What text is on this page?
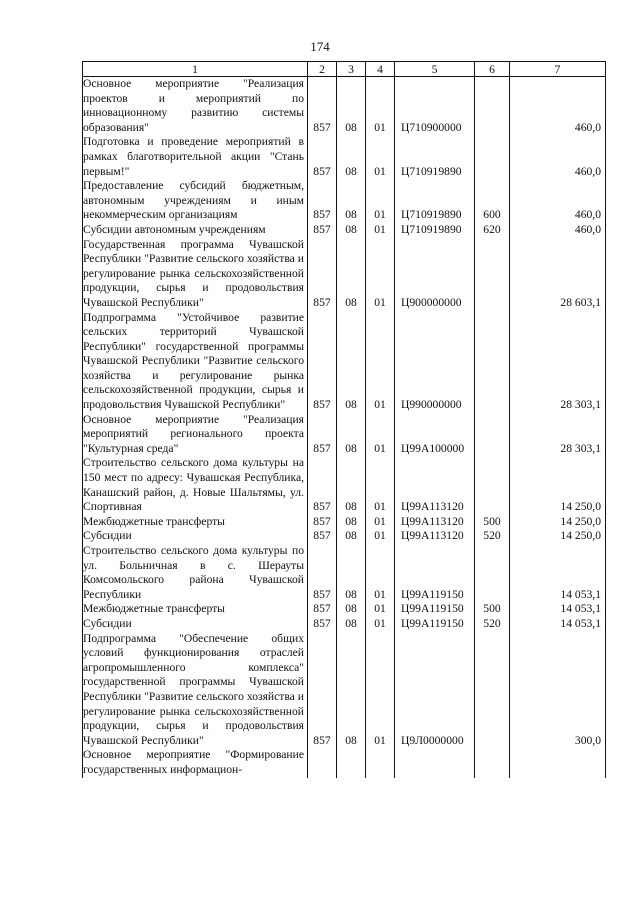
174
1	2	3	4	5	6	7
Основное мероприятие "Реализация проектов и мероприятий по инновационному развитию системы образования"	857	08	01	Ц710900000		460,0
Подготовка и проведение мероприятий в рамках благотворительной акции "Стань первым!"	857	08	01	Ц710919890		460,0
Предоставление субсидий бюджетным, автономным учреждениям и иным некоммерческим организациям	857	08	01	Ц710919890	600	460,0
Субсидии автономным учреждениям	857	08	01	Ц710919890	620	460,0
Государственная программа Чувашской Республики "Развитие сельского хозяйства и регулирование рынка сельскохозяйственной продукции, сырья и продовольствия Чувашской Республики"	857	08	01	Ц900000000		28 603,1
Подпрограмма "Устойчивое развитие сельских территорий Чувашской Республики" государственной программы Чувашской Республики "Развитие сельского хозяйства и регулирование рынка сельскохозяйственной продукции, сырья и продовольствия Чувашской Республики"	857	08	01	Ц990000000		28 303,1
Основное мероприятие "Реализация мероприятий регионального проекта "Культурная среда"	857	08	01	Ц99A100000		28 303,1
Строительство сельского дома культуры на 150 мест по адресу: Чувашская Республика, Канашский район, д. Новые Шальтямы, ул. Спортивная	857	08	01	Ц99A113120		14 250,0
Межбюджетные трансферты	857	08	01	Ц99A113120	500	14 250,0
Субсидии	857	08	01	Ц99A113120	520	14 250,0
Строительство сельского дома культуры по ул. Больничная в с. Шерауты Комсомольского района Чувашской Республики	857	08	01	Ц99A119150		14 053,1
Межбюджетные трансферты	857	08	01	Ц99A119150	500	14 053,1
Субсидии	857	08	01	Ц99A119150	520	14 053,1
Подпрограмма "Обеспечение общих условий функционирования отраслей агропромышленного комплекса" государственной программы Чувашской Республики "Развитие сельского хозяйства и регулирование рынка сельскохозяйственной продукции, сырья и продовольствия Чувашской Республики"	857	08	01	Ц9Л0000000		300,0
Основное мероприятие "Формирование государственных информацион-						
